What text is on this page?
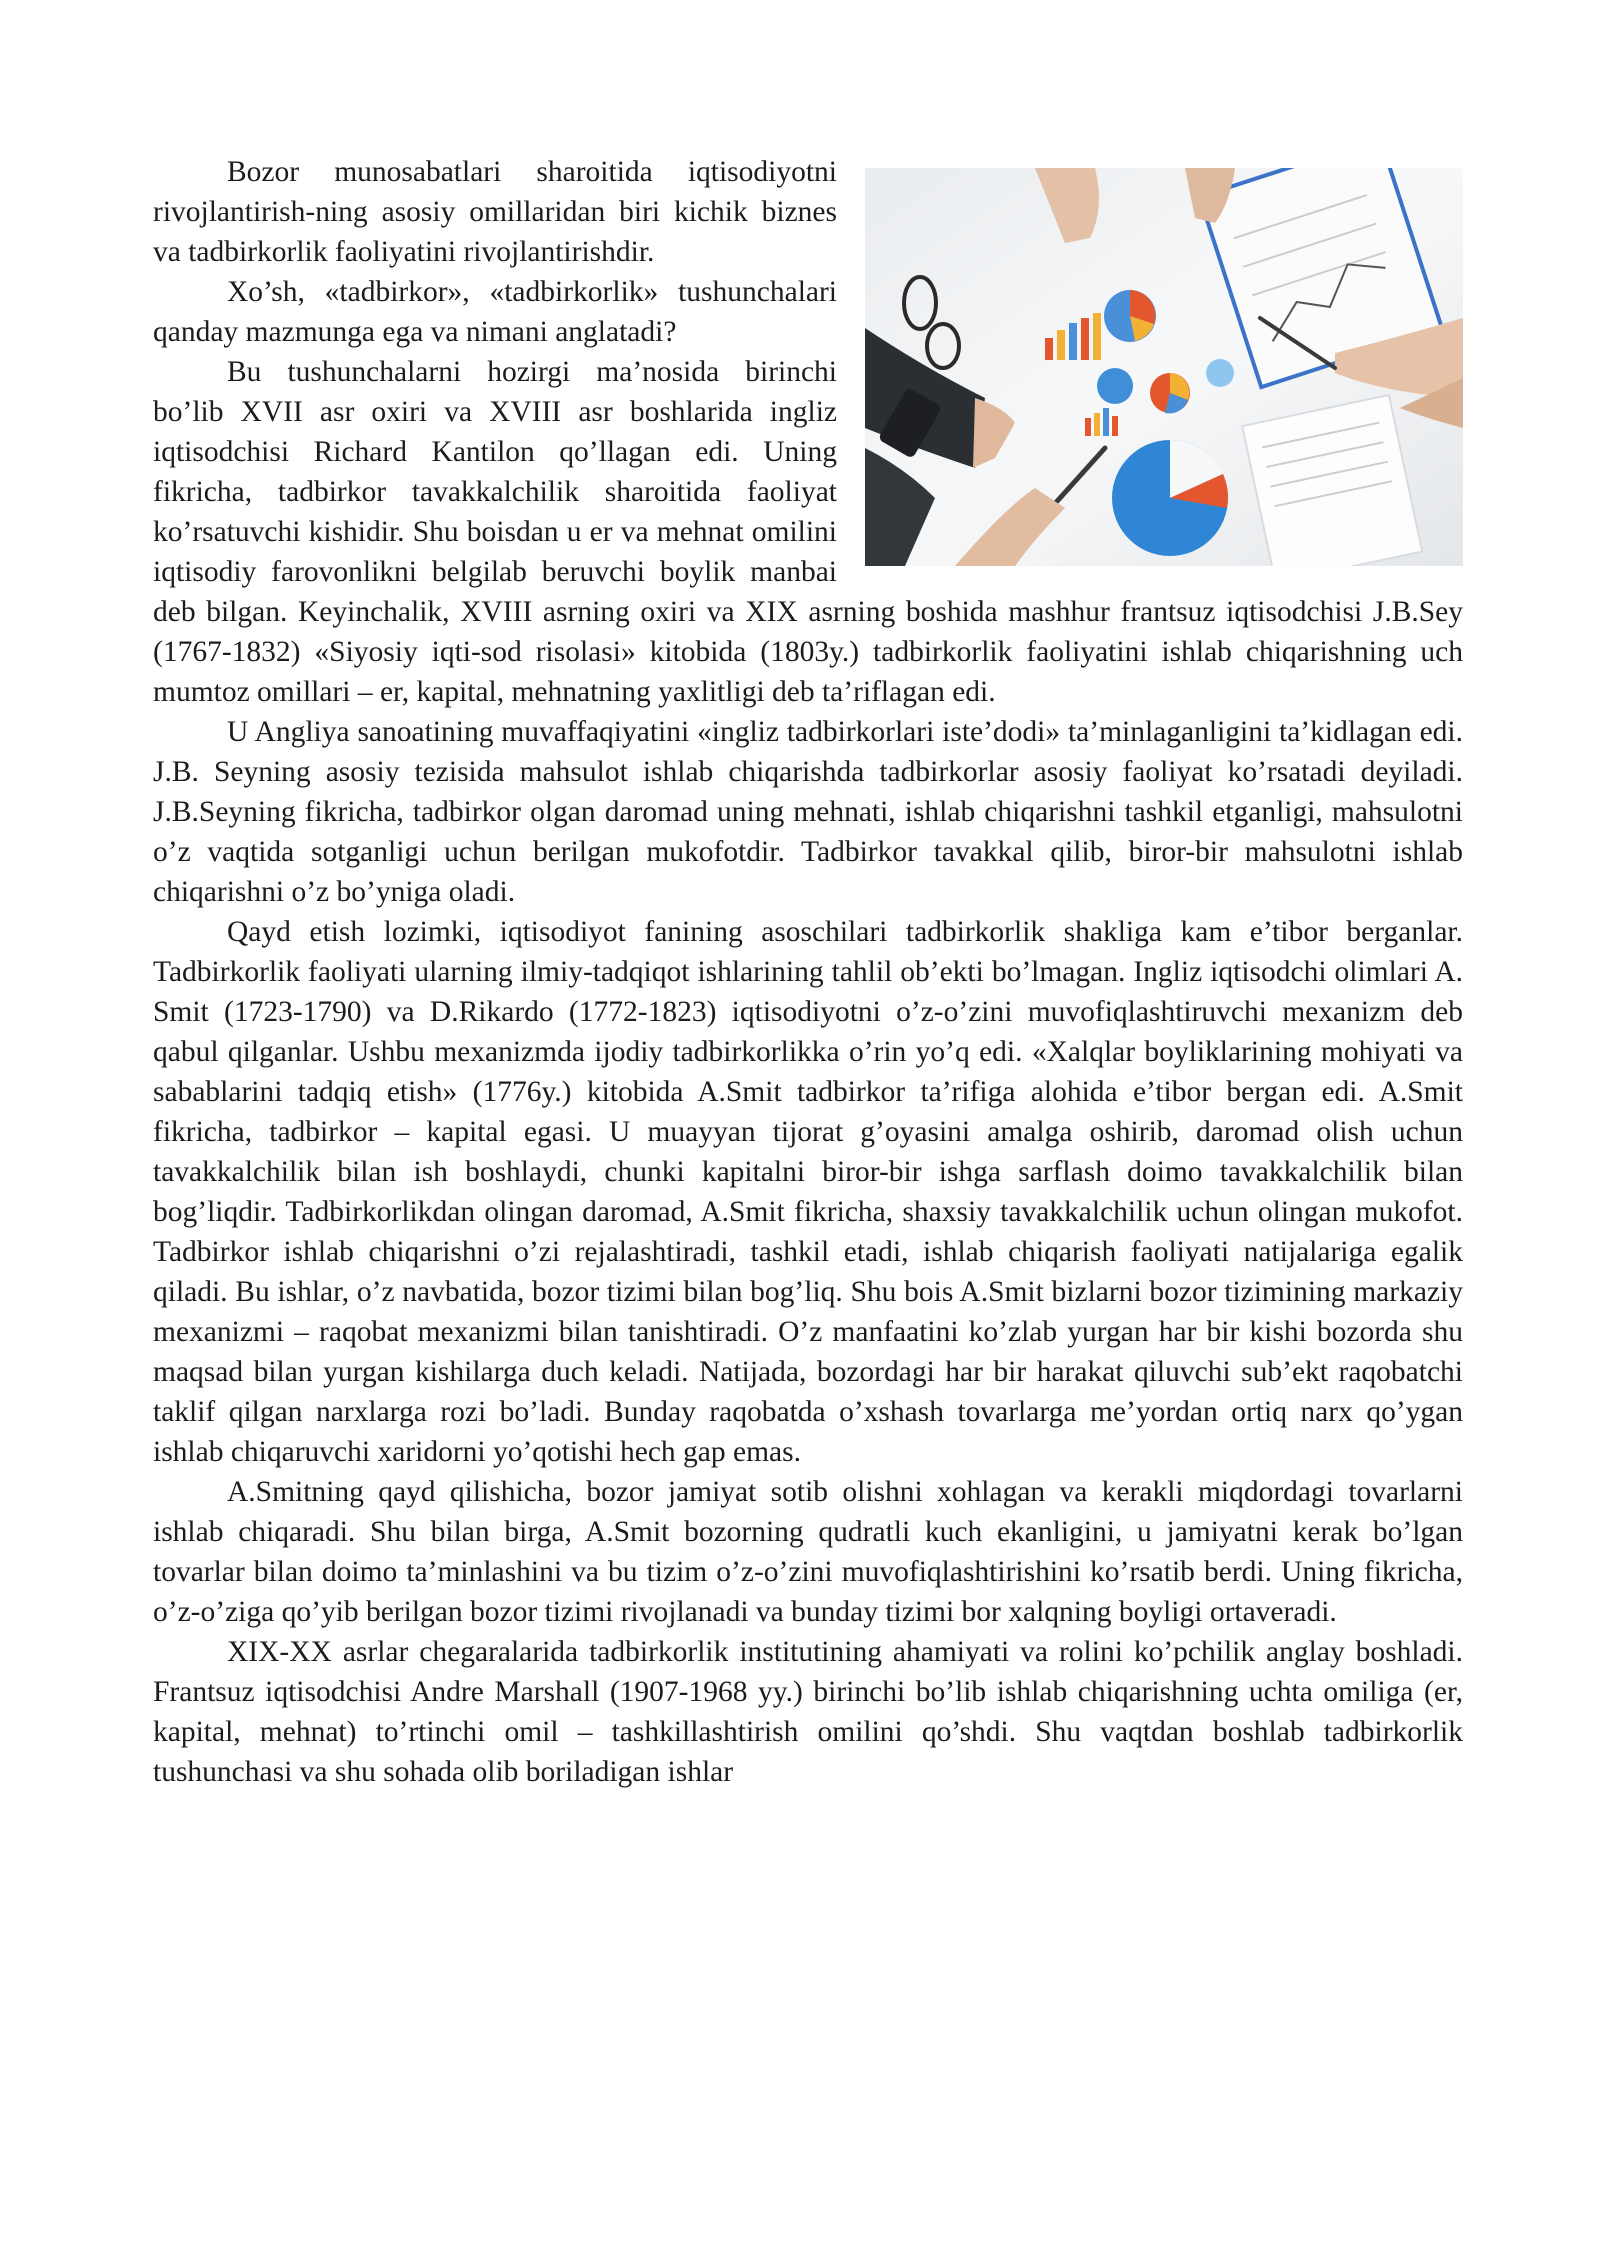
Bozor munosabatlari sharoitida iqtisodiyotni rivojlantirish-ning asosiy omillaridan biri kichik biznes va tadbirkorlik faoliyatini rivojlantirishdir.

Xo’sh, «tadbirkor», «tadbirkorlik» tushunchalari qanday mazmunga ega va nimani anglatadi?

Bu tushunchalarni hozirgi ma’nosida birinchi bo’lib XVII asr oxiri va XVIII asr boshlarida ingliz iqtisodchisi Richard Kantilon qo’llagan edi. Uning fikricha, tadbirkor tavakkalchilik sharoitida faoliyat ko’rsatuvchi kishidir. Shu boisdan u er va mehnat omilini iqtisodiy farovonlikni belgilab beruvchi boylik manbai deb bilgan. Keyinchalik, XVIII asrning oxiri va XIX asrning boshida mashhur frantsuz iqtisodchisi J.B.Sey (1767-1832) «Siyosiy iqti-sod risolasi» kitobida (1803y.) tadbirkorlik faoliyatini ishlab chiqarishning uch mumtoz omillari – er, kapital, mehnatning yaxlitligi deb ta’riflagan edi.

U Angliya sanoatining muvaffaqiyatini «ingliz tadbirkorlari iste’dodi» ta’minlaganligini ta’kidlagan edi. J.B. Seyning asosiy tezisida mahsulot ishlab chiqarishda tadbirkorlar asosiy faoliyat ko’rsatadi deyiladi. J.B.Seyning fikricha, tadbirkor olgan daromad uning mehnati, ishlab chiqarishni tashkil etganligi, mahsulotni o’z vaqtida sotganligi uchun berilgan mukofotdir. Tadbirkor tavakkal qilib, biror-bir mahsulotni ishlab chiqarishni o’z bo’yniga oladi.

Qayd etish lozimki, iqtisodiyot fanining asoschilari tadbirkorlik shakliga kam e’tibor berganlar. Tadbirkorlik faoliyati ularning ilmiy-tadqiqot ishlarining tahlil ob’ekti bo’lmagan. Ingliz iqtisodchi olimlari A. Smit (1723-1790) va D.Rikardo (1772-1823) iqtisodiyotni o’z-o’zini muvofiqlashtiruvchi mexanizm deb qabul qilganlar. Ushbu mexanizmda ijodiy tadbirkorlikka o’rin yo’q edi. «Xalqlar boyliklarining mohiyati va sabablarini tadqiq etish» (1776y.) kitobida A.Smit tadbirkor ta’rifiga alohida e’tibor bergan edi. A.Smit fikricha, tadbirkor – kapital egasi. U muayyan tijorat g’oyasini amalga oshirib, daromad olish uchun tavakkalchilik bilan ish boshlaydi, chunki kapitalni biror-bir ishga sarflash doimo tavakkalchilik bilan bog’liqdir. Tadbirkorlikdan olingan daromad, A.Smit fikricha, shaxsiy tavakkalchilik uchun olingan mukofot. Tadbirkor ishlab chiqarishni o’zi rejalashtiradi, tashkil etadi, ishlab chiqarish faoliyati natijalariga egalik qiladi. Bu ishlar, o’z navbatida, bozor tizimi bilan bog’liq. Shu bois A.Smit bizlarni bozor tizimining markaziy mexanizmi – raqobat mexanizmi bilan tanishtiradi. O’z manfaatini ko’zlab yurgan har bir kishi bozorda shu maqsad bilan yurgan kishilarga duch keladi. Natijada, bozordagi har bir harakat qiluvchi sub’ekt raqobatchi taklif qilgan narxlarga rozi bo’ladi. Bunday raqobatda o’xshash tovarlarga me’yordan ortiq narx qo’ygan ishlab chiqaruvchi xaridorni yo’qotishi hech gap emas.

A.Smitning qayd qilishicha, bozor jamiyat sotib olishni xohlagan va kerakli miqdordagi tovarlarni ishlab chiqaradi. Shu bilan birga, A.Smit bozorning qudratli kuch ekanligini, u jamiyatni kerak bo’lgan tovarlar bilan doimo ta’minlashini va bu tizim o’z-o’zini muvofiqlashtirishini ko’rsatib berdi. Uning fikricha, o’z-o’ziga qo’yib berilgan bozor tizimi rivojlanadi va bunday tizimi bor xalqning boyligi ortaveradi.

XIX-XX asrlar chegaralarida tadbirkorlik institutining ahamiyati va rolini ko’pchilik anglay boshladi. Frantsuz iqtisodchisi Andre Marshall (1907-1968 yy.) birinchi bo’lib ishlab chiqarishning uchta omiliga (er, kapital, mehnat) to’rtinchi omil – tashkillashtirish omilini qo’shdi. Shu vaqtdan boshlab tadbirkorlik tushunchasi va shu sohada olib boriladigan ishlar
